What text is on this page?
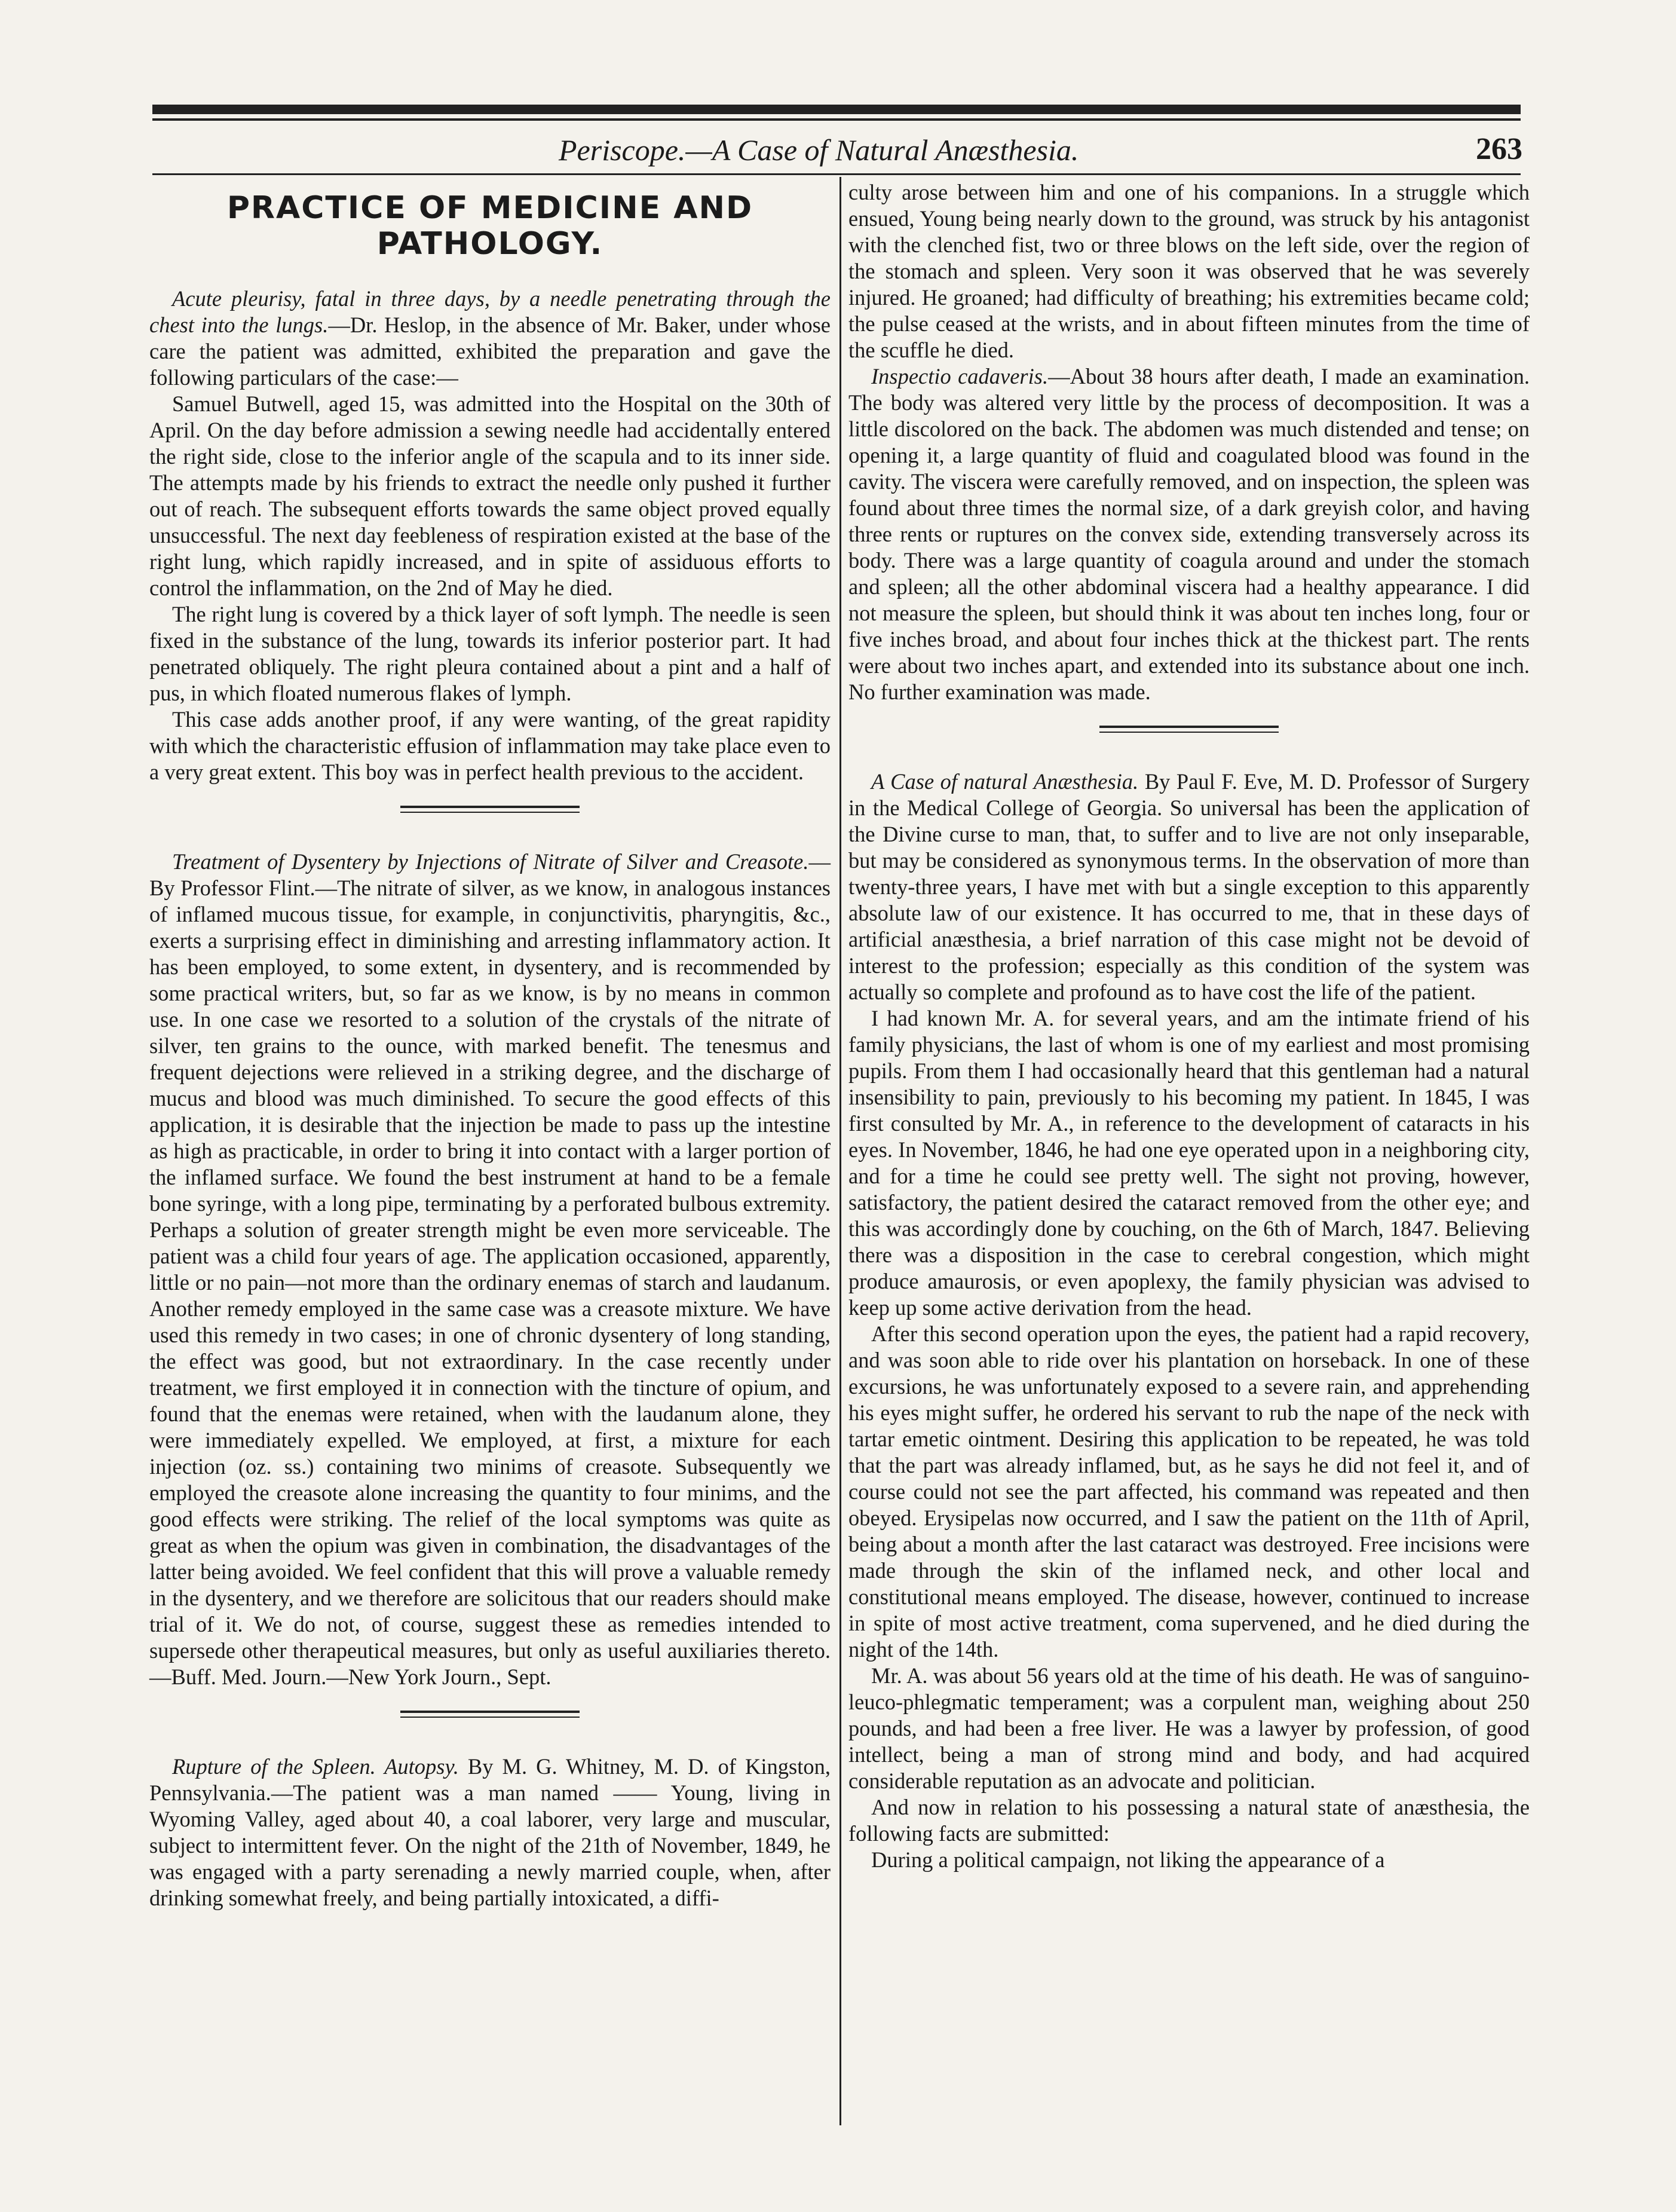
Periscope.—A Case of Natural Anæsthesia.	263
PRACTICE OF MEDICINE AND PATHOLOGY.

Acute pleurisy, fatal in three days, by a needle penetrating through the chest into the lungs.—Dr. Heslop, in the absence of Mr. Baker, under whose care the patient was admitted, exhibited the preparation and gave the following particulars of the case:—

Samuel Butwell, aged 15, was admitted into the Hospital on the 30th of April. On the day before admission a sewing needle had accidentally entered the right side, close to the inferior angle of the scapula and to its inner side. The attempts made by his friends to extract the needle only pushed it further out of reach. The subsequent efforts towards the same object proved equally unsuccessful. The next day feebleness of respiration existed at the base of the right lung, which rapidly increased, and in spite of assiduous efforts to control the inflammation, on the 2nd of May he died.

The right lung is covered by a thick layer of soft lymph. The needle is seen fixed in the substance of the lung, towards its inferior posterior part. It had penetrated obliquely. The right pleura contained about a pint and a half of pus, in which floated numerous flakes of lymph.

This case adds another proof, if any were wanting, of the great rapidity with which the characteristic effusion of inflammation may take place even to a very great extent. This boy was in perfect health previous to the accident.

Treatment of Dysentery by Injections of Nitrate of Silver and Creasote.—By Professor Flint.—The nitrate of silver, as we know, in analogous instances of inflamed mucous tissue, for example, in conjunctivitis, pharyngitis, &c., exerts a surprising effect in diminishing and arresting inflammatory action. It has been employed, to some extent, in dysentery, and is recommended by some practical writers, but, so far as we know, is by no means in common use. In one case we resorted to a solution of the crystals of the nitrate of silver, ten grains to the ounce, with marked benefit. The tenesmus and frequent dejections were relieved in a striking degree, and the discharge of mucus and blood was much diminished. To secure the good effects of this application, it is desirable that the injection be made to pass up the intestine as high as practicable, in order to bring it into contact with a larger portion of the inflamed surface. We found the best instrument at hand to be a female bone syringe, with a long pipe, terminating by a perforated bulbous extremity. Perhaps a solution of greater strength might be even more serviceable. The patient was a child four years of age. The application occasioned, apparently, little or no pain—not more than the ordinary enemas of starch and laudanum. Another remedy employed in the same case was a creasote mixture. We have used this remedy in two cases; in one of chronic dysentery of long standing, the effect was good, but not extraordinary. In the case recently under treatment, we first employed it in connection with the tincture of opium, and found that the enemas were retained, when with the laudanum alone, they were immediately expelled. We employed, at first, a mixture for each injection (oz. ss.) containing two minims of creasote. Subsequently we employed the creasote alone increasing the quantity to four minims, and the good effects were striking. The relief of the local symptoms was quite as great as when the opium was given in combination, the disadvantages of the latter being avoided. We feel confident that this will prove a valuable remedy in the dysentery, and we therefore are solicitous that our readers should make trial of it. We do not, of course, suggest these as remedies intended to supersede other therapeutical measures, but only as useful auxiliaries thereto.—Buff. Med. Journ.—New York Journ., Sept.

Rupture of the Spleen. Autopsy. By M. G. Whitney, M. D. of Kingston, Pennsylvania.—The patient was a man named —— Young, living in Wyoming Valley, aged about 40, a coal laborer, very large and muscular, subject to intermittent fever. On the night of the 21th of November, 1849, he was engaged with a party serenading a newly married couple, when, after drinking somewhat freely, and being partially intoxicated, a diffi-

culty arose between him and one of his companions. In a struggle which ensued, Young being nearly down to the ground, was struck by his antagonist with the clenched fist, two or three blows on the left side, over the region of the stomach and spleen. Very soon it was observed that he was severely injured. He groaned; had difficulty of breathing; his extremities became cold; the pulse ceased at the wrists, and in about fifteen minutes from the time of the scuffle he died.

Inspectio cadaveris.—About 38 hours after death, I made an examination. The body was altered very little by the process of decomposition. It was a little discolored on the back. The abdomen was much distended and tense; on opening it, a large quantity of fluid and coagulated blood was found in the cavity. The viscera were carefully removed, and on inspection, the spleen was found about three times the normal size, of a dark greyish color, and having three rents or ruptures on the convex side, extending transversely across its body. There was a large quantity of coagula around and under the stomach and spleen; all the other abdominal viscera had a healthy appearance. I did not measure the spleen, but should think it was about ten inches long, four or five inches broad, and about four inches thick at the thickest part. The rents were about two inches apart, and extended into its substance about one inch. No further examination was made.

A Case of natural Anæsthesia. By Paul F. Eve, M. D. Professor of Surgery in the Medical College of Georgia. So universal has been the application of the Divine curse to man, that, to suffer and to live are not only inseparable, but may be considered as synonymous terms. In the observation of more than twenty-three years, I have met with but a single exception to this apparently absolute law of our existence. It has occurred to me, that in these days of artificial anæsthesia, a brief narration of this case might not be devoid of interest to the profession; especially as this condition of the system was actually so complete and profound as to have cost the life of the patient.

I had known Mr. A. for several years, and am the intimate friend of his family physicians, the last of whom is one of my earliest and most promising pupils. From them I had occasionally heard that this gentleman had a natural insensibility to pain, previously to his becoming my patient. In 1845, I was first consulted by Mr. A., in reference to the development of cataracts in his eyes. In November, 1846, he had one eye operated upon in a neighboring city, and for a time he could see pretty well. The sight not proving, however, satisfactory, the patient desired the cataract removed from the other eye; and this was accordingly done by couching, on the 6th of March, 1847. Believing there was a disposition in the case to cerebral congestion, which might produce amaurosis, or even apoplexy, the family physician was advised to keep up some active derivation from the head.

After this second operation upon the eyes, the patient had a rapid recovery, and was soon able to ride over his plantation on horseback. In one of these excursions, he was unfortunately exposed to a severe rain, and apprehending his eyes might suffer, he ordered his servant to rub the nape of the neck with tartar emetic ointment. Desiring this application to be repeated, he was told that the part was already inflamed, but, as he says he did not feel it, and of course could not see the part affected, his command was repeated and then obeyed. Erysipelas now occurred, and I saw the patient on the 11th of April, being about a month after the last cataract was destroyed. Free incisions were made through the skin of the inflamed neck, and other local and constitutional means employed. The disease, however, continued to increase in spite of most active treatment, coma supervened, and he died during the night of the 14th.

Mr. A. was about 56 years old at the time of his death. He was of sanguino-leuco-phlegmatic temperament; was a corpulent man, weighing about 250 pounds, and had been a free liver. He was a lawyer by profession, of good intellect, being a man of strong mind and body, and had acquired considerable reputation as an advocate and politician.

And now in relation to his possessing a natural state of anæsthesia, the following facts are submitted:

During a political campaign, not liking the appearance of a
